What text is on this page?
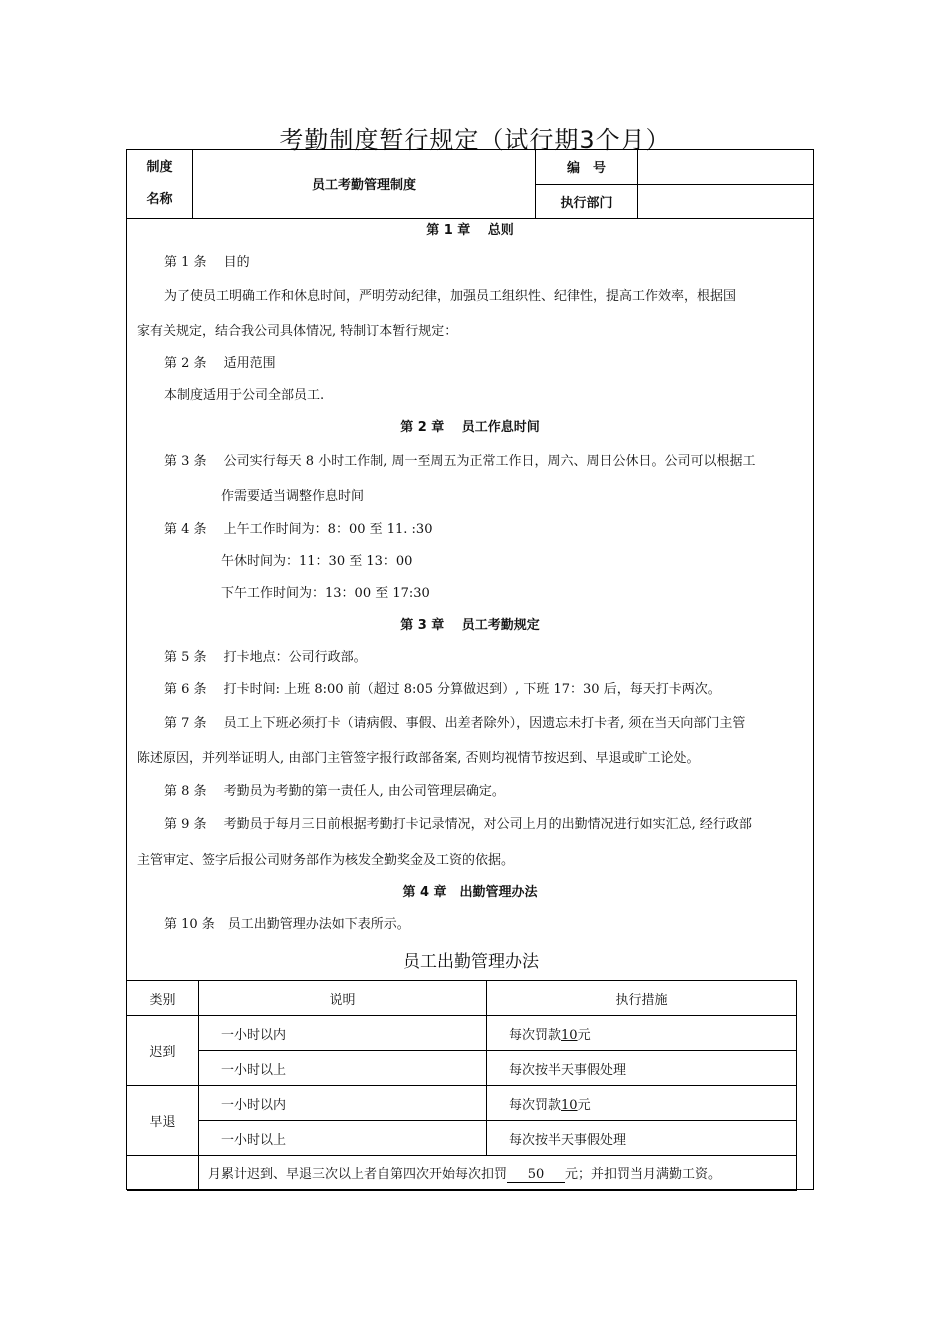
考勤制度暂行规定（试行期3个月）
制度
名称	员工考勤管理制度	编　号	
		执行部门	
第 1 章　 总则
第 1 条　 目的
为了使员工明确工作和休息时间，严明劳动纪律，加强员工组织性、纪律性，提高工作效率，根据国
家有关规定，结合我公司具体情况, 特制订本暂行规定：
第 2 条　 适用范围
本制度适用于公司全部员工.
第 2 章　 员工作息时间
第 3 条　 公司实行每天 8 小时工作制, 周一至周五为正常工作日，周六、周日公休日。公司可以根据工
作需要适当调整作息时间
第 4 条　 上午工作时间为：8：00 至 11. :30
午休时间为：11：30 至 13：00
下午工作时间为：13：00 至 17:30
第 3 章　 员工考勤规定
第 5 条　 打卡地点：公司行政部。
第 6 条　 打卡时间: 上班 8:00 前（超过 8:05 分算做迟到）, 下班 17：30 后，每天打卡两次。
第 7 条　 员工上下班必须打卡（请病假、事假、出差者除外），因遗忘未打卡者, 须在当天向部门主管
陈述原因，并列举证明人, 由部门主管签字报行政部备案, 否则均视情节按迟到、早退或旷工论处。
第 8 条　 考勤员为考勤的第一责任人, 由公司管理层确定。
第 9 条　 考勤员于每月三日前根据考勤打卡记录情况，对公司上月的出勤情况进行如实汇总, 经行政部
主管审定、签字后报公司财务部作为核发全勤奖金及工资的依据。
第 4 章　出勤管理办法
第 10 条　员工出勤管理办法如下表所示。
员工出勤管理办法
类别	说明	执行措施
迟到	一小时以内	每次罚款10元
	一小时以上	每次按半天事假处理
早退	一小时以内	每次罚款10元
	一小时以上	每次按半天事假处理
	月累计迟到、早退三次以上者自第四次开始每次扣罚 50 元；并扣罚当月满勤工资。	
